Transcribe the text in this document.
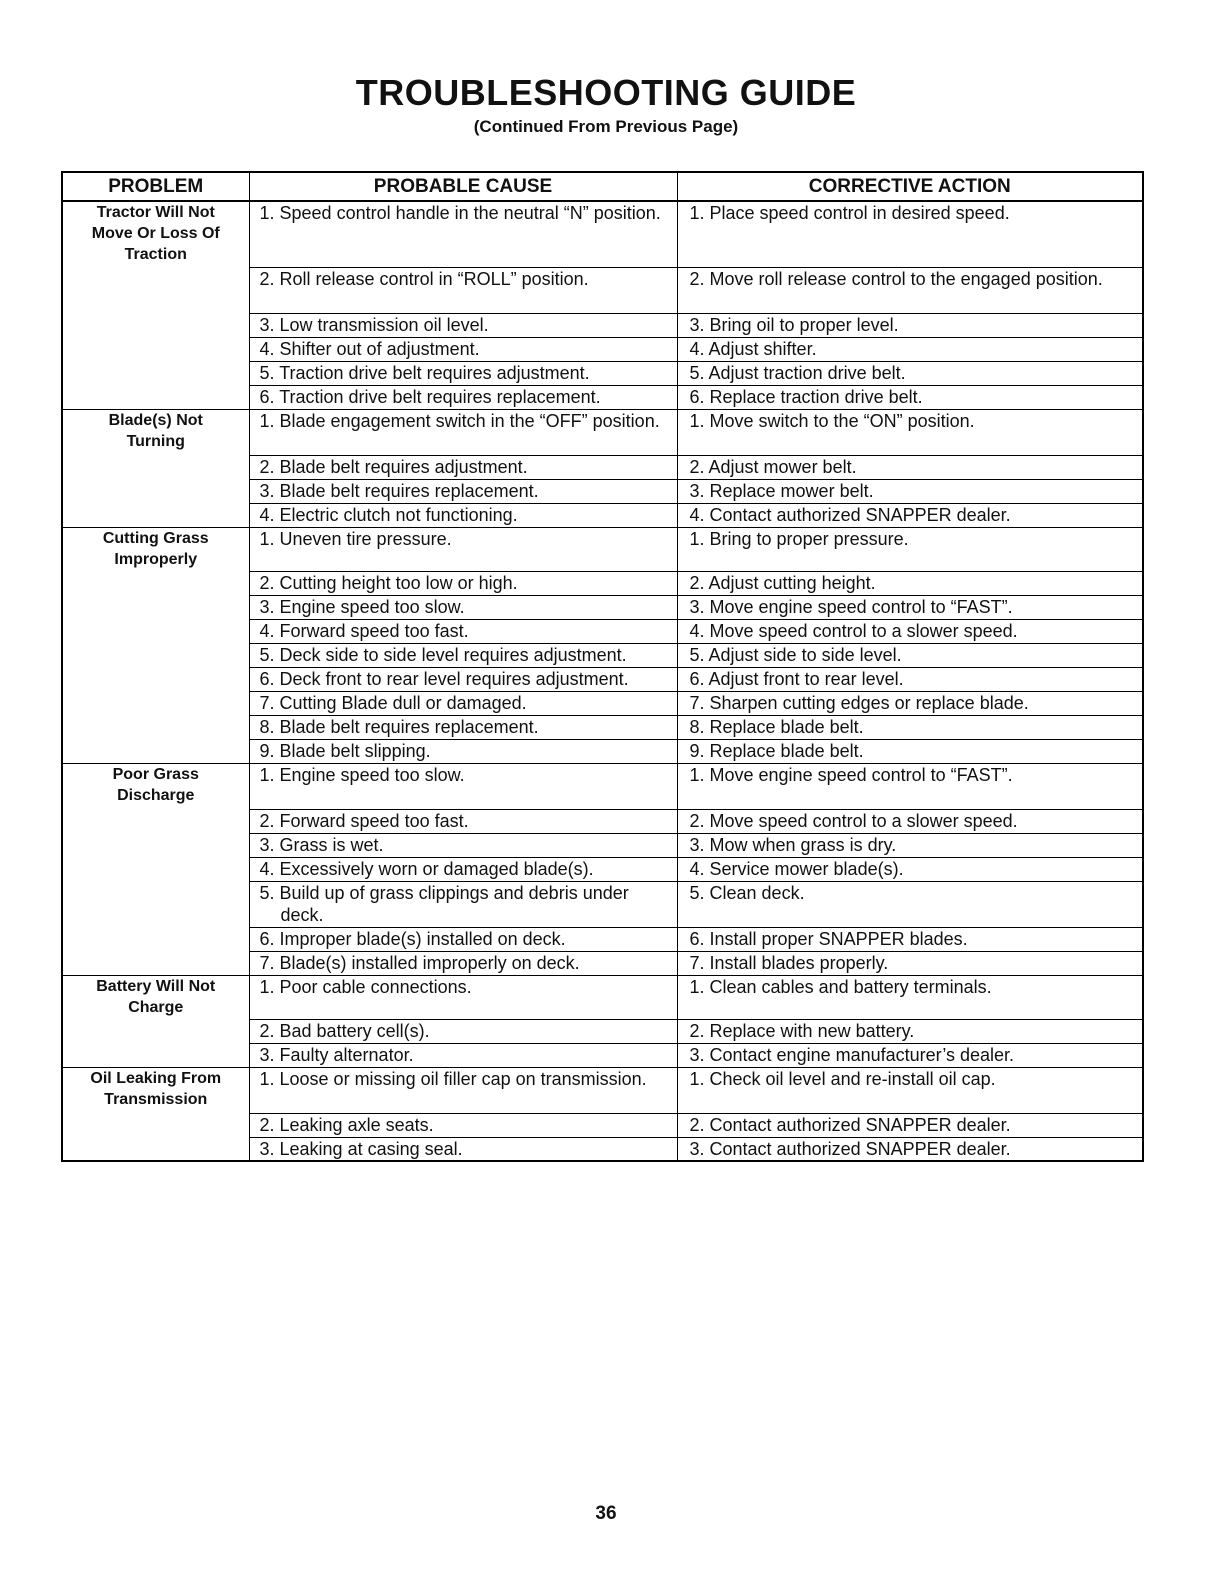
TROUBLESHOOTING GUIDE

(Continued From Previous Page)

PROBLEM	PROBABLE CAUSE	CORRECTIVE ACTION

Tractor Will Not
Move Or Loss Of
Traction	1. Speed control handle in the neutral “N” position.	1. Place speed control in desired speed.

	2. Roll release control in “ROLL” position.	2. Move roll release control to the engaged position.

	3. Low transmission oil level.	3. Bring oil to proper level.

	4. Shifter out of adjustment.	4. Adjust shifter.

	5. Traction drive belt requires adjustment.	5. Adjust traction drive belt.

	6. Traction drive belt requires replacement.	6. Replace traction drive belt.

Blade(s) Not
Turning	1. Blade engagement switch in the “OFF” position.	1. Move switch to the “ON” position.

	2. Blade belt requires adjustment.	2. Adjust mower belt.

	3. Blade belt requires replacement.	3. Replace mower belt.

	4. Electric clutch not functioning.	4. Contact authorized SNAPPER dealer.

Cutting Grass
Improperly	1. Uneven tire pressure.	1. Bring to proper pressure.

	2. Cutting height too low or high.	2. Adjust cutting height.

	3. Engine speed too slow.	3. Move engine speed control to “FAST”.

	4. Forward speed too fast.	4. Move speed control to a slower speed.

	5. Deck side to side level requires adjustment.	5. Adjust side to side level.

	6. Deck front to rear level requires adjustment.	6. Adjust front to rear level.

	7. Cutting Blade dull or damaged.	7. Sharpen cutting edges or replace blade.

	8. Blade belt requires replacement.	8. Replace blade belt.

	9. Blade belt slipping.	9. Replace blade belt.

Poor Grass
Discharge	1. Engine speed too slow.	1. Move engine speed control to “FAST”.

	2. Forward speed too fast.	2. Move speed control to a slower speed.

	3. Grass is wet.	3. Mow when grass is dry.

	4. Excessively worn or damaged blade(s).	4. Service mower blade(s).

	5. Build up of grass clippings and debris under deck.	5. Clean deck.

	6. Improper blade(s) installed on deck.	6. Install proper SNAPPER blades.

	7. Blade(s) installed improperly on deck.	7. Install blades properly.

Battery Will Not
Charge	1. Poor cable connections.	1. Clean cables and battery terminals.

	2. Bad battery cell(s).	2. Replace with new battery.

	3. Faulty alternator.	3. Contact engine manufacturer’s dealer.

Oil Leaking From
Transmission	1. Loose or missing oil filler cap on transmission.	1. Check oil level and re-install oil cap.

	2. Leaking axle seats.	2. Contact authorized SNAPPER dealer.

	3. Leaking at casing seal.	3. Contact authorized SNAPPER dealer.

36
